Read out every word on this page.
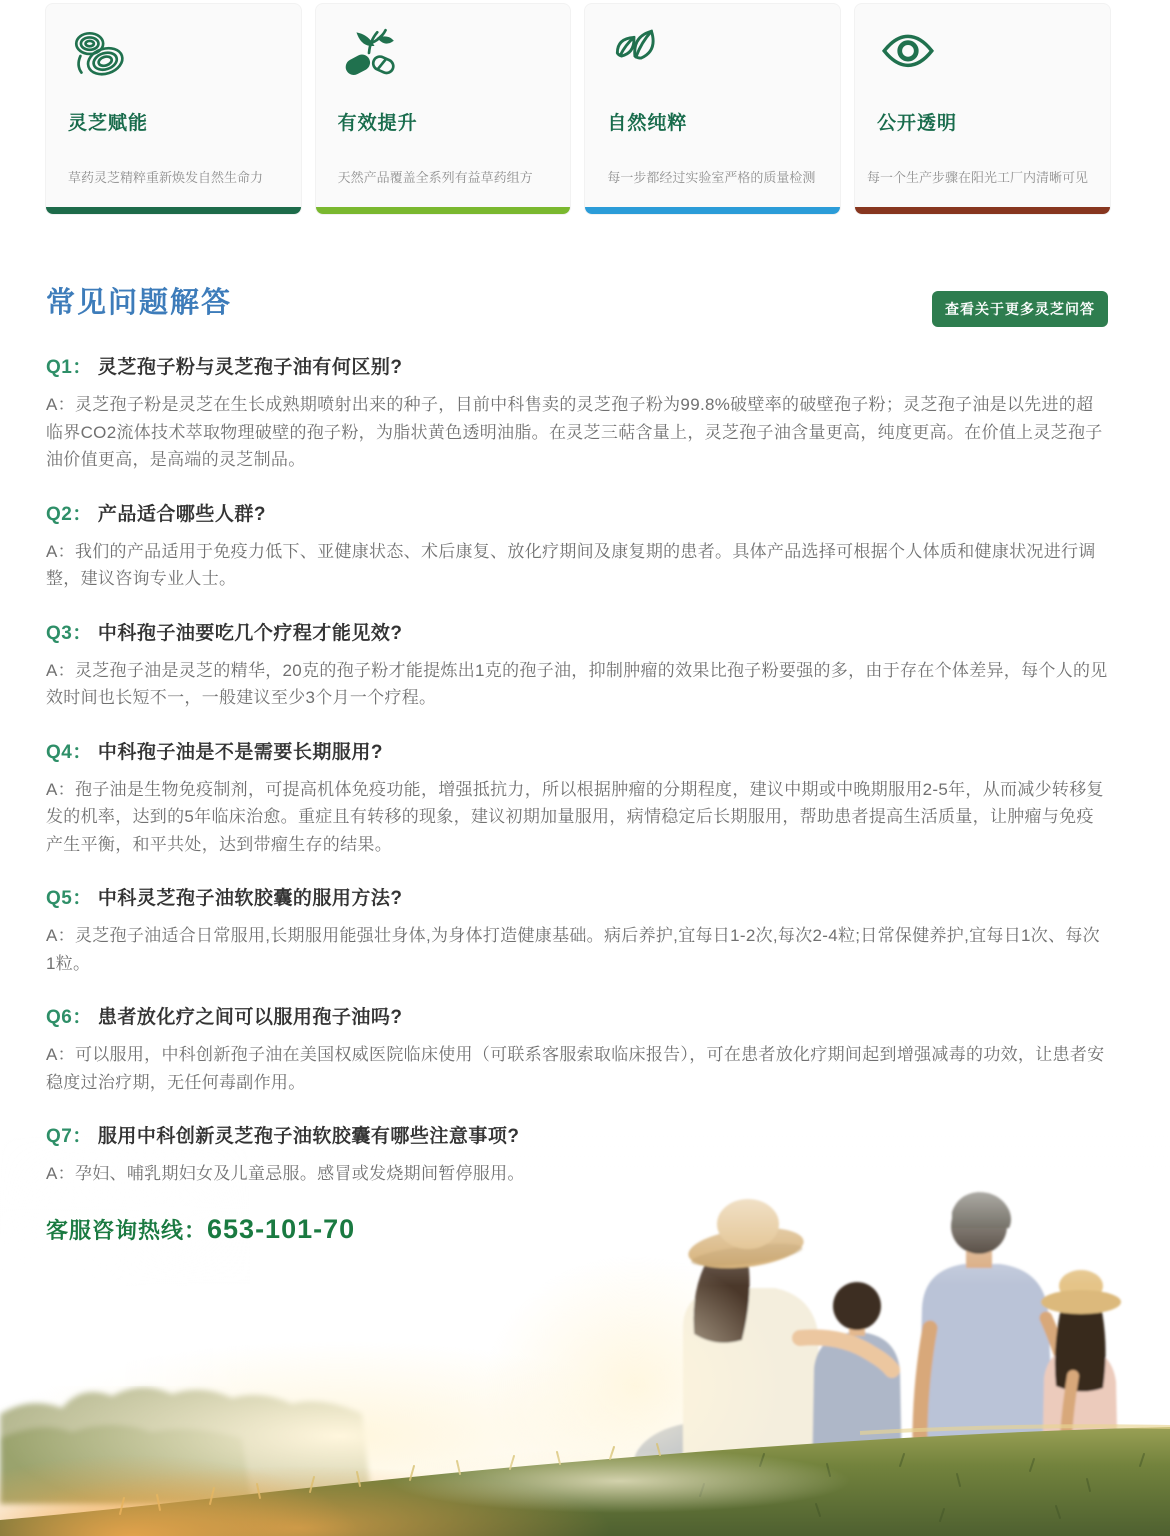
灵芝赋能
草药灵芝精粹重新焕发自然生命力
有效提升
天然产品覆盖全系列有益草药组方
自然纯粹
每一步都经过实验室严格的质量检测
公开透明
每一个生产步骤在阳光工厂内清晰可见
常见问题解答	查看关于更多灵芝问答
Q1： 灵芝孢子粉与灵芝孢子油有何区别?

A：灵芝孢子粉是灵芝在生长成熟期喷射出来的种子，目前中科售卖的灵芝孢子粉为99.8%破壁率的破壁孢子粉；灵芝孢子油是以先进的超临界CO2流体技术萃取物理破壁的孢子粉，为脂状黄色透明油脂。在灵芝三萜含量上，灵芝孢子油含量更高，纯度更高。在价值上灵芝孢子油价值更高，是高端的灵芝制品。

Q2： 产品适合哪些人群?

A：我们的产品适用于免疫力低下、亚健康状态、术后康复、放化疗期间及康复期的患者。具体产品选择可根据个人体质和健康状况进行调整，建议咨询专业人士。

Q3： 中科孢子油要吃几个疗程才能见效?

A：灵芝孢子油是灵芝的精华，20克的孢子粉才能提炼出1克的孢子油，抑制肿瘤的效果比孢子粉要强的多，由于存在个体差异，每个人的见效时间也长短不一，一般建议至少3个月一个疗程。

Q4： 中科孢子油是不是需要长期服用?

A：孢子油是生物免疫制剂，可提高机体免疫功能，增强抵抗力，所以根据肿瘤的分期程度，建议中期或中晚期服用2-5年，从而减少转移复发的机率，达到的5年临床治愈。重症且有转移的现象，建议初期加量服用，病情稳定后长期服用，帮助患者提高生活质量，让肿瘤与免疫产生平衡，和平共处，达到带瘤生存的结果。

Q5： 中科灵芝孢子油软胶囊的服用方法?

A：灵芝孢子油适合日常服用,长期服用能强壮身体,为身体打造健康基础。病后养护,宜每日1-2次,每次2-4粒;日常保健养护,宜每日1次、每次1粒。

Q6： 患者放化疗之间可以服用孢子油吗?

A：可以服用，中科创新孢子油在美国权威医院临床使用（可联系客服索取临床报告），可在患者放化疗期间起到增强减毒的功效，让患者安稳度过治疗期，无任何毒副作用。

Q7： 服用中科创新灵芝孢子油软胶囊有哪些注意事项?

A：孕妇、哺乳期妇女及儿童忌服。感冒或发烧期间暂停服用。

客服咨询热线： 653-101-70
